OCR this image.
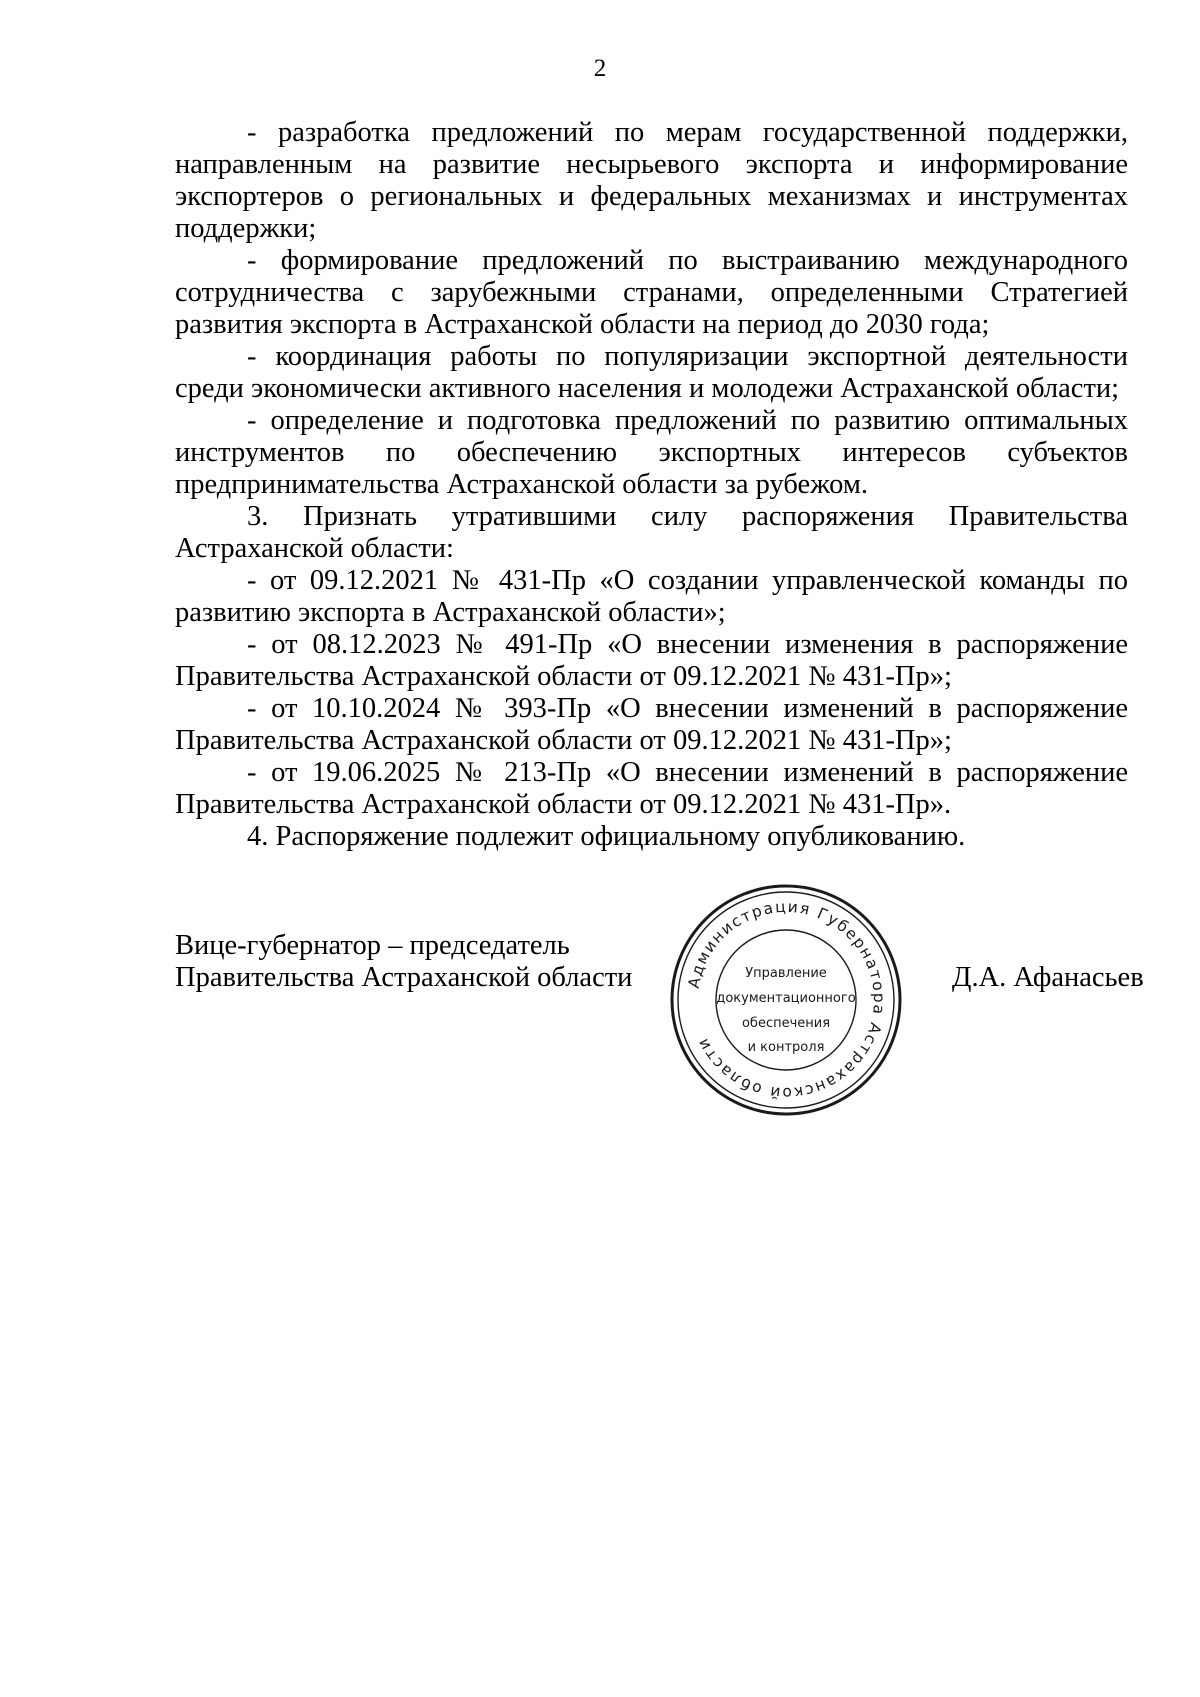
2

- разработка предложений по мерам государственной поддержки, направленным на развитие несырьевого экспорта и информирование экспортеров о региональных и федеральных механизмах и инструментах поддержки;

- формирование предложений по выстраиванию международного сотрудничества с зарубежными странами, определенными Стратегией развития экспорта в Астраханской области на период до 2030 года;

- координация работы по популяризации экспортной деятельности среди экономически активного населения и молодежи Астраханской области;

- определение и подготовка предложений по развитию оптимальных инструментов по обеспечению экспортных интересов субъектов предпринимательства Астраханской области за рубежом.

3. Признать утратившими силу распоряжения Правительства Астраханской области:

- от 09.12.2021 № 431-Пр «О создании управленческой команды по развитию экспорта в Астраханской области»;

- от 08.12.2023 № 491-Пр «О внесении изменения в распоряжение Правительства Астраханской области от 09.12.2021 № 431-Пр»;

- от 10.10.2024 № 393-Пр «О внесении изменений в распоряжение Правительства Астраханской области от 09.12.2021 № 431-Пр»;

- от 19.06.2025 № 213-Пр «О внесении изменений в распоряжение Правительства Астраханской области от 09.12.2021 № 431-Пр».

4. Распоряжение подлежит официальному опубликованию.

Вице-губернатор – председатель
Правительства Астраханской области	Д.А. Афанасьев
Администрация Губернатора Астраханской области
Управление
документационного
обеспечения
и контроля
